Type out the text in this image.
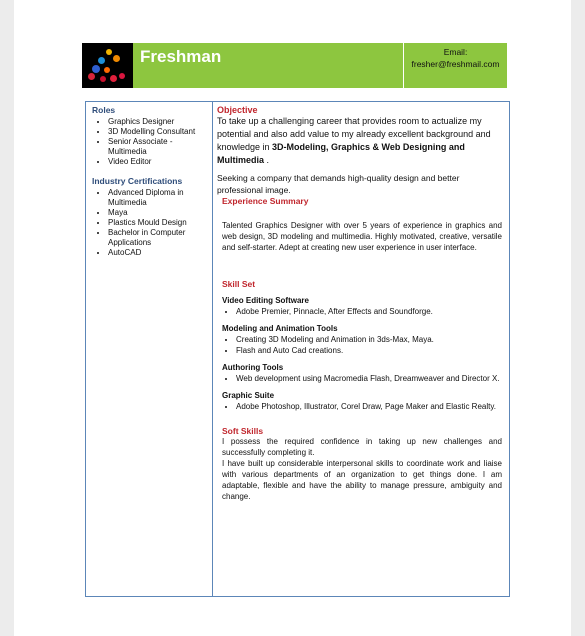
Freshman	Email:
fresher@freshmail.com
Roles
• Graphics Designer
• 3D Modelling Consultant
• Senior Associate - Multimedia
• Video Editor
Industry Certifications
• Advanced Diploma in Multimedia
• Maya
• Plastics Mould Design
• Bachelor in Computer Applications
• AutoCAD

Objective

To take up a challenging career that provides room to actualize my potential and also add value to my already excellent background and knowledge in 3D-Modeling, Graphics & Web Designing and Multimedia .

Seeking a company that demands high-quality design and better professional image.

Experience Summary

Talented Graphics Designer with over 5 years of experience in graphics and web design, 3D modeling and multimedia. Highly motivated, creative, versatile and self-starter. Adept at creating new user experience in user interface.

Skill Set

Video Editing Software

• Adobe Premier, Pinnacle, After Effects and Soundforge.

Modeling and Animation Tools

• Creating 3D Modeling and Animation in 3ds-Max, Maya.
• Flash and Auto Cad creations.

Authoring Tools

• Web development using Macromedia Flash, Dreamweaver and Director X.

Graphic Suite

• Adobe Photoshop, Illustrator, Corel Draw, Page Maker and Elastic Realty.

Soft Skills

I possess the required confidence in taking up new challenges and successfully completing it.

I have built up considerable interpersonal skills to coordinate work and liaise with various departments of an organization to get things done. I am adaptable, flexible and have the ability to manage pressure, ambiguity and change.
